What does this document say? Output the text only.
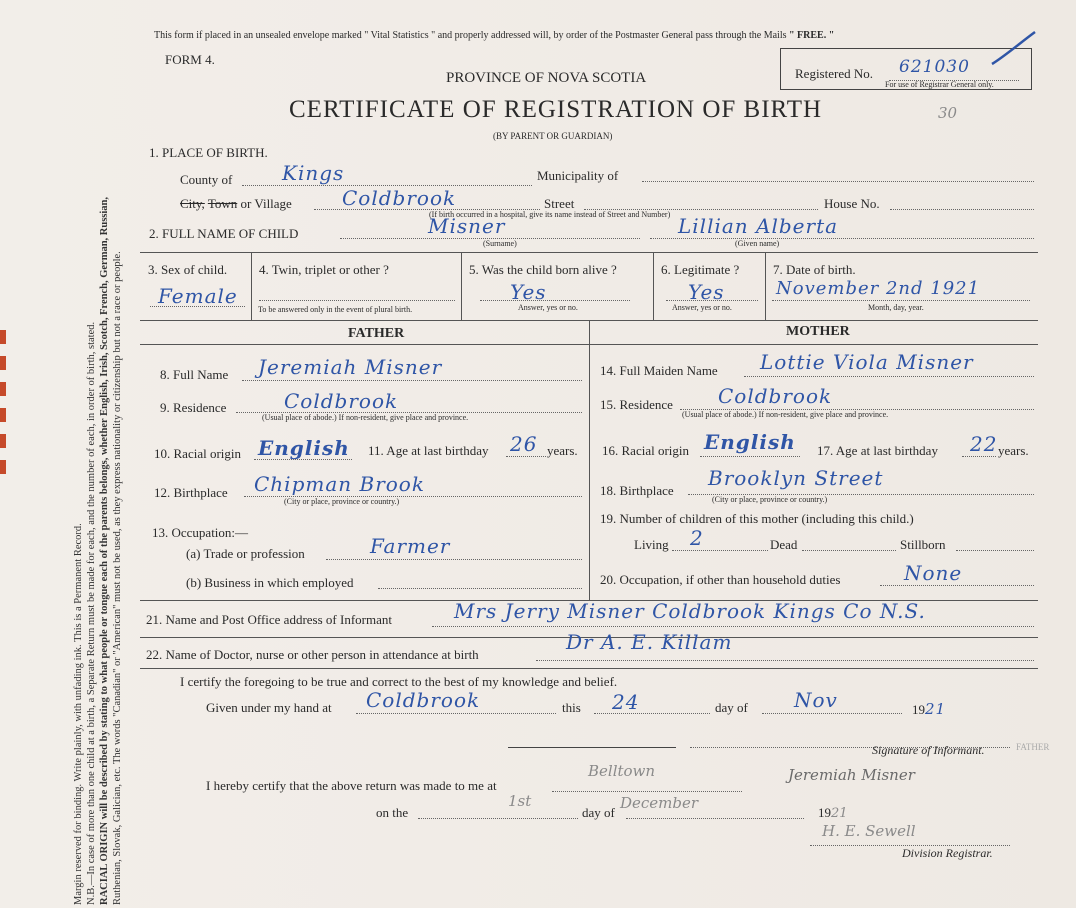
Margin reserved for binding. Write plainly, with unfading ink. This is a Permanent Record. N.B.—In case of more than one child at a birth, a Separate Return must be made for each, and the number of each, in order of birth, stated. RACIAL ORIGIN will be described by stating to what people or tongue each of the parents belongs, whether English, Irish, Scotch, French, German, Russian, Ruthenian, Slovak, Galician, etc. The words "Canadian" or "American" must not be used, as they express nationality or citizenship but not a race or people.
This form if placed in an unsealed envelope marked " Vital Statistics " and properly addressed will, by order of the Postmaster General pass through the Mails " FREE. "
FORM 4.
PROVINCE OF NOVA SCOTIA
CERTIFICATE OF REGISTRATION OF BIRTH
(BY PARENT OR GUARDIAN)
30
Registered No. 621030
For use of Registrar General only.
1. PLACE OF BIRTH.
County of Kings	Municipality of
City, Town or Village	Coldbrook	Street	House No.
(If birth occurred in a hospital, give its name instead of Street and Number)
2. FULL NAME OF CHILD	Misner
(Surname)
Lillian Alberta
(Given name)
3. Sex of child.
Female
4. Twin, triplet or other ?
To be answered only in the event of plural birth.
5. Was the child born alive ?
Yes
Answer, yes or no.
6. Legitimate ?
Yes
Answer, yes or no.
7. Date of birth.
November 2nd 1921
Month, day, year.
FATHER	MOTHER
8. Full Name Jeremiah Misner
9. Residence	Coldbrook
(Usual place of abode.) If non-resident, give place and province.
10. Racial origin English 11. Age at last birthday 26 years.
12. Birthplace Chipman Brook
(City or place, province or country.)
13. Occupation:—
(a) Trade or profession	Farmer
(b) Business in which employed
14. Full Maiden Name Lottie Viola Misner
15. Residence Coldbrook
(Usual place of abode.) If non-resident, give place and province.
16. Racial origin English 17. Age at last birthday 22 years.
18. Birthplace
Brooklyn Street
(City or place, province or country.)
19. Number of children of this mother (including this child.)
Living 2	Dead	Stillborn
20. Occupation, if other than household duties	None
21. Name and Post Office address of Informant	Mrs Jerry Misner Coldbrook Kings Co N.S.
22. Name of Doctor, nurse or other person in attendance at birth
Dr A. E. Killam
I certify the foregoing to be true and correct to the best of my knowledge and belief.
Given under my hand at Coldbrook	this 24	day of Nov	1921
Signature of Informant.	FATHER
I hereby certify that the above return was made to me at
Belltown	Jeremiah Misner
on the
1st
day of
December
1921
H. E. Sewell
Division Registrar.
